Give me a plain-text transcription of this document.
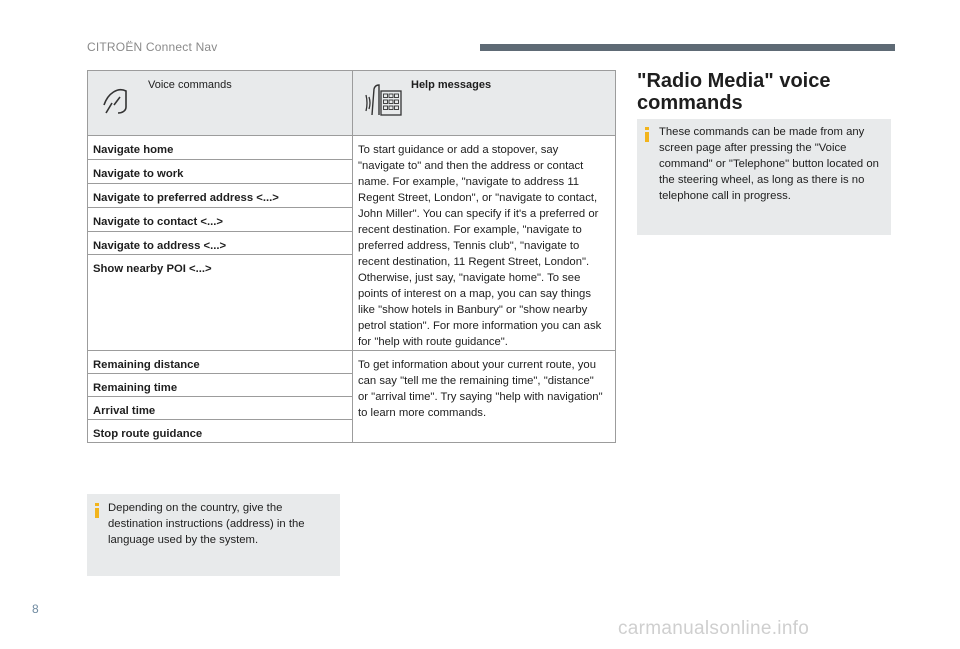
CITROËN Connect Nav
Voice commands	Help messages

Navigate home	To start guidance or add a stopover, say "navigate to" and then the address or contact name. For example, "navigate to address 11 Regent Street, London", or "navigate to contact, John Miller". You can specify if it's a preferred or recent destination. For example, "navigate to preferred address, Tennis club", "navigate to recent destination, 11 Regent Street, London". Otherwise, just say, "navigate home". To see points of interest on a map, you can say things like "show hotels in Banbury" or "show nearby petrol station". For more information you can ask for "help with route guidance".
Navigate to work	
Navigate to preferred address <...>	
Navigate to contact <...>	
Navigate to address <...>	
Show nearby POI <...>	
Remaining distance	To get information about your current route, you can say "tell me the remaining time", "distance" or "arrival time". Try saying "help with navigation" to learn more commands.
Remaining time	
Arrival time	
Stop route guidance	
Depending on the country, give the destination instructions (address) in the language used by the system.
"Radio Media" voice commands
These commands can be made from any screen page after pressing the "Voice command" or "Telephone" button located on the steering wheel, as long as there is no telephone call in progress.
8
carmanualsonline.info
